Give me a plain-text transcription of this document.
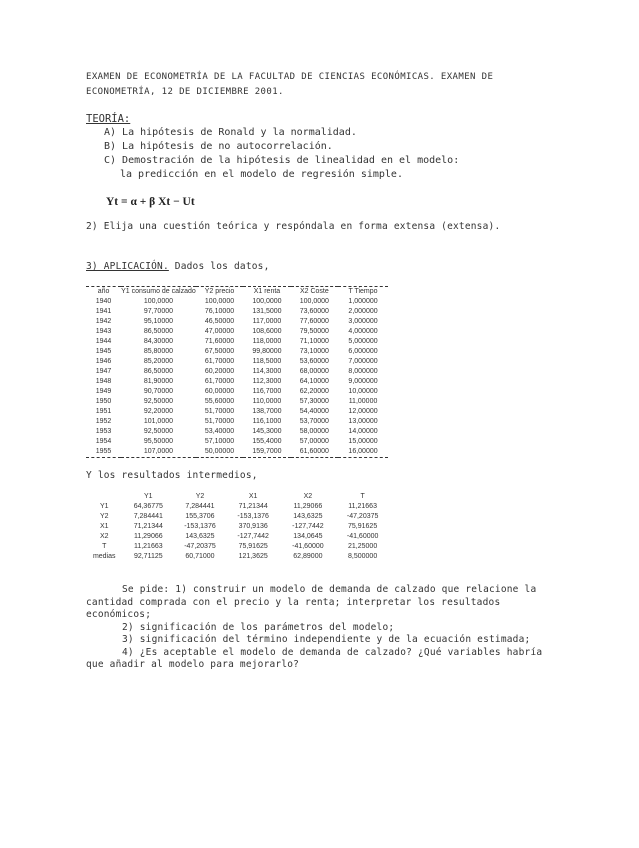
EXAMEN DE ECONOMETRÍA DE LA FACULTAD DE CIENCIAS ECONÓMICAS. EXAMEN DE ECONOMETRÍA, 12 DE DICIEMBRE 2001.
TEORÍA:
A) La hipótesis de Ronald y la normalidad.
B) La hipótesis de no autocorrelación.
C) Demostración de la hipótesis de linealidad en el modelo:
la predicción en el modelo de regresión simple.
Yt = α + β Xt − Ut
2) Elija una cuestión teórica y respóndala en forma extensa (extensa).
3) APLICACIÓN. Dados los datos,
año	Y1 consumo de calzado	Y2 precio	X1 renta	X2 Coste	T Tiempo
1940	100,0000	100,0000	100,0000	100,0000	1,000000
1941	97,70000	76,10000	131,5000	73,60000	2,000000
1942	95,10000	46,50000	117,0000	77,60000	3,000000
1943	86,50000	47,00000	108,6000	79,50000	4,000000
1944	84,30000	71,60000	118,0000	71,10000	5,000000
1945	85,80000	67,50000	99,80000	73,10000	6,000000
1946	85,20000	61,70000	118,5000	53,60000	7,000000
1947	86,50000	60,20000	114,3000	68,00000	8,000000
1948	81,90000	61,70000	112,3000	64,10000	9,000000
1949	90,70000	60,00000	116,7000	62,20000	10,00000
1950	92,50000	55,60000	110,0000	57,30000	11,00000
1951	92,20000	51,70000	138,7000	54,40000	12,00000
1952	101,0000	51,70000	116,1000	53,70000	13,00000
1953	92,50000	53,40000	145,3000	58,00000	14,00000
1954	95,50000	57,10000	155,4000	57,00000	15,00000
1955	107,0000	50,00000	159,7000	61,60000	16,00000
Y los resultados intermedios,
	Y1	Y2	X1	X2	T
Y1	64,36775	7,284441	71,21344	11,29066	11,21663
Y2	7,284441	155,3706	-153,1376	143,6325	-47,20375
X1	71,21344	-153,1376	370,9136	-127,7442	75,91625
X2	11,29066	143,6325	-127,7442	134,0645	-41,60000
T	11,21663	-47,20375	75,91625	-41,60000	21,25000
medias	92,71125	60,71000	121,3625	62,89000	8,500000
Se pide: 1) construir un modelo de demanda de calzado que relacione la cantidad comprada con el precio y la renta; interpretar los resultados económicos;
2) significación de los parámetros del modelo;
3) significación del término independiente y de la ecuación estimada;
4) ¿Es aceptable el modelo de demanda de calzado? ¿Qué variables habría que añadir al modelo para mejorarlo?
